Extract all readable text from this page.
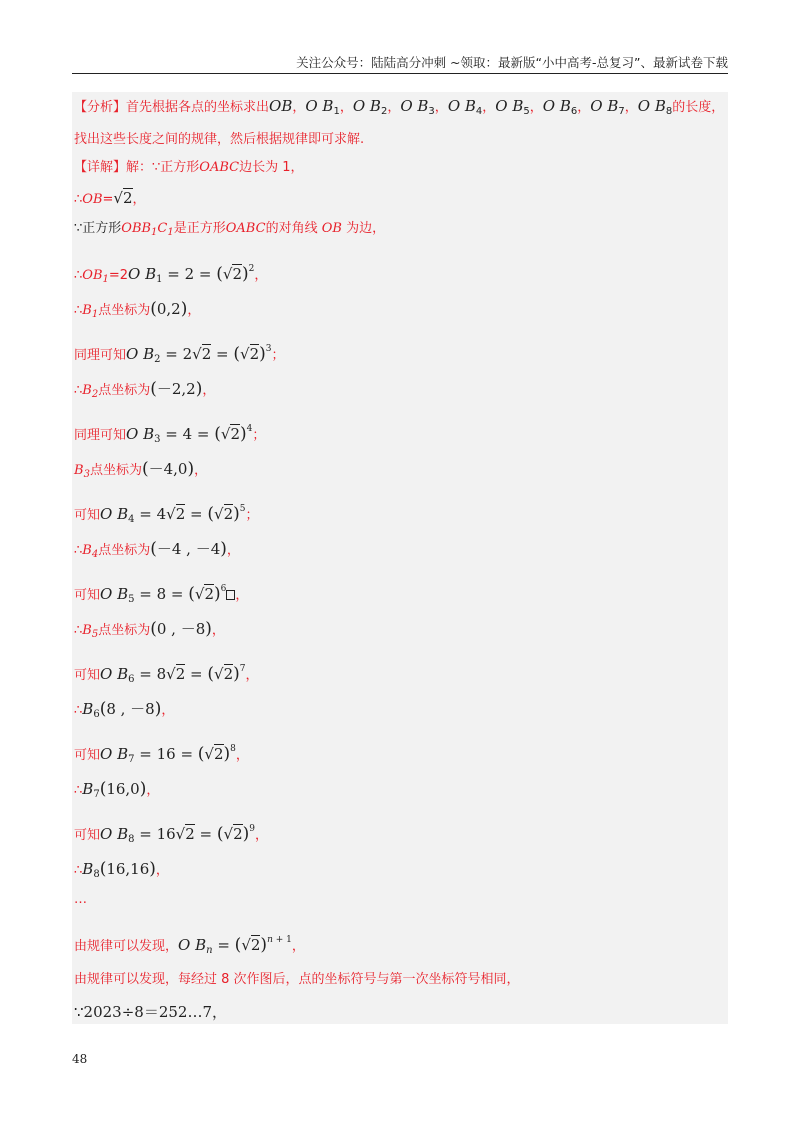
关注公众号：陆陆高分冲刺 ~领取：最新版“小中高考-总复习”、最新试卷下载
【分析】首先根据各点的坐标求出OB，O $B_1$，O $B_2$，O $B_3$，O $B_4$，O $B_5$，O $B_6$，O $B_7$，O $B_8$的长度，
找出这些长度之间的规律，然后根据规律即可求解.
【详解】解：∵正方形OABC边长为 1，
∴OB=√2，
∵正方形$OBB_1C_1$是正方形OABC的对角线 OB 为边，
$\therefore OB_1=2O$ $B_1 = 2 = (√2)^2$，
$\therefore B_1$点坐标为(0,2)，
同理可知O $B_2 = 2√2 = (√2)^3$；
$\therefore B_2$点坐标为(－2,2)，
同理可知O $B_3 = 4 = (√2)^4$；
$B_3$点坐标为(－4,0)，
可知O $B_4 = 4√2 = (√2)^5$；
$\therefore B_4$点坐标为(－4 , －4)，
可知O $B_5 = 8 = (√2)^6$ ，
$\therefore B_5$点坐标为(0 , －8)，
可知O $B_6 = 8√2 = (√2)^7$，
$\therefore B_6(8$ , －8)，
可知O $B_7 = 16 = (√2)^8$，
$\therefore B_7(16,0)$，
可知O $B_8 = 16√2 = (√2)^9$，
$\therefore B_8(16,16)$，
…
由规律可以发现，O $B_n = (√2)^{n + 1}$，
由规律可以发现，每经过 8 次作图后，点的坐标符号与第一次坐标符号相同，
∵2023÷8＝252…7，
48
